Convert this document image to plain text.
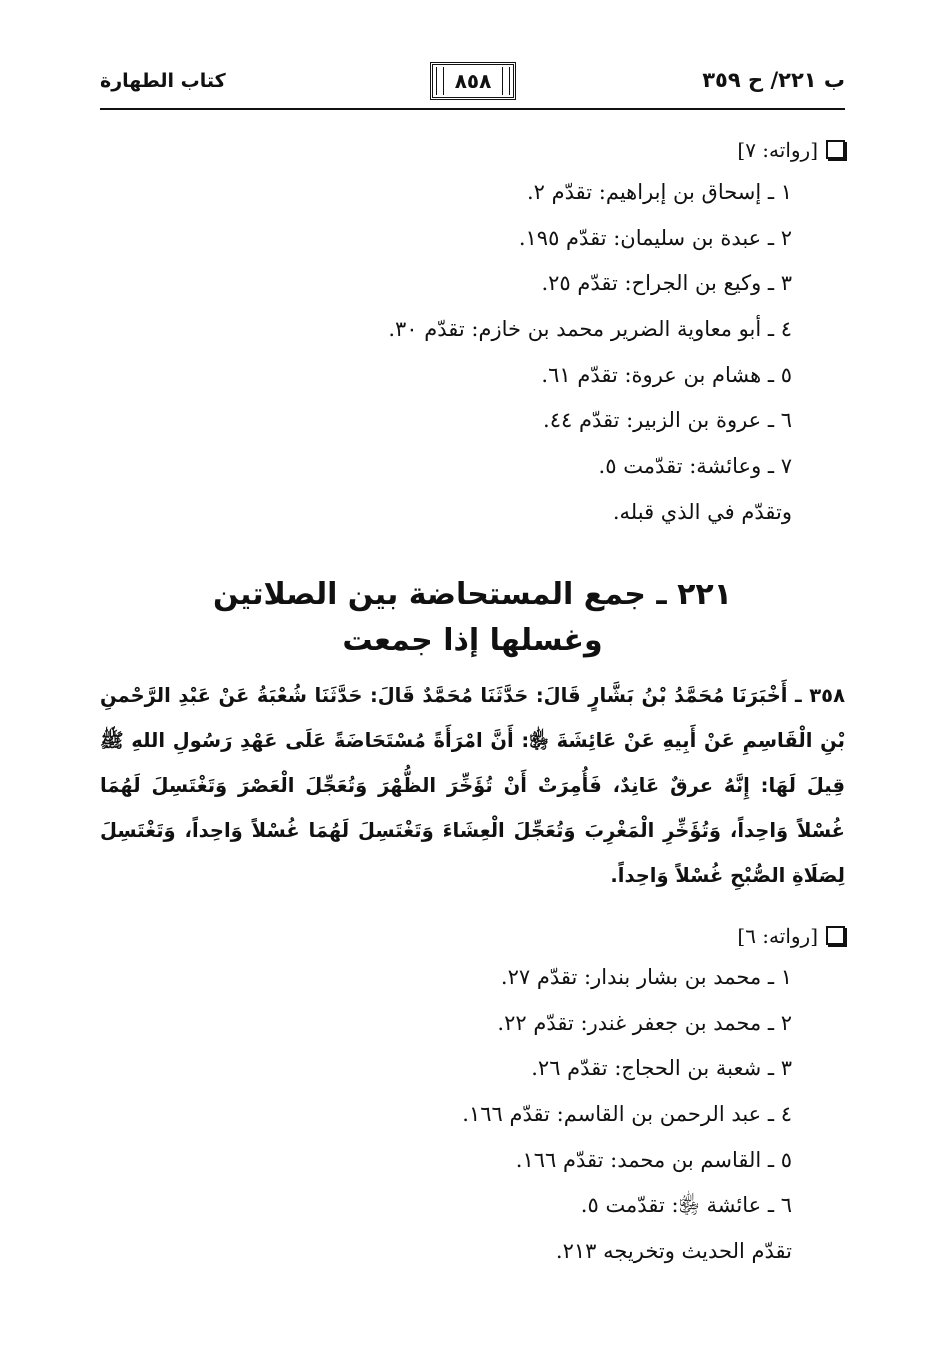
كتاب الطهارة	٨٥٨	ب ٢٢١/ ح ٣٥٩
[رواته: ٧]
١ ـ إسحاق بن إبراهيم: تقدّم ٢.
٢ ـ عبدة بن سليمان: تقدّم ١٩٥.
٣ ـ وكيع بن الجراح: تقدّم ٢٥.
٤ ـ أبو معاوية الضرير محمد بن خازم: تقدّم ٣٠.
٥ ـ هشام بن عروة: تقدّم ٦١.
٦ ـ عروة بن الزبير: تقدّم ٤٤.
٧ ـ وعائشة: تقدّمت ٥.
وتقدّم في الذي قبله.
٢٢١ ـ جمع المستحاضة بين الصلاتين
وغسلها إذا جمعت

٣٥٨ ـ أَخْبَرَنَا مُحَمَّدُ بْنُ بَشَّارٍ قَالَ: حَدَّثَنَا مُحَمَّدٌ قَالَ: حَدَّثَنَا شُعْبَةُ عَنْ عَبْدِ الرَّحْمنِ بْنِ الْقَاسِمِ عَنْ أَبِيهِ عَنْ عَائِشَةَ ﵂: أَنَّ امْرَأَةً مُسْتَحَاضَةً عَلَى عَهْدِ رَسُولِ اللهِ ﷺ قِيلَ لَهَا: إِنَّهُ عرقٌ عَانِدٌ، فَأُمِرَتْ أَنْ تُؤَخِّرَ الظُّهْرَ وَتُعَجِّلَ الْعَصْرَ وَتَغْتَسِلَ لَهُمَا غُسْلاً وَاحِداً، وَتُؤَخِّرِ الْمَغْرِبَ وَتُعَجِّلَ الْعِشَاءَ وَتَغْتَسِلَ لَهُمَا غُسْلاً وَاحِداً، وَتَغْتَسِلَ لِصَلَاةِ الصُّبْحِ غُسْلاً وَاحِداً.

[رواته: ٦]
١ ـ محمد بن بشار بندار: تقدّم ٢٧.
٢ ـ محمد بن جعفر غندر: تقدّم ٢٢.
٣ ـ شعبة بن الحجاج: تقدّم ٢٦.
٤ ـ عبد الرحمن بن القاسم: تقدّم ١٦٦.
٥ ـ القاسم بن محمد: تقدّم ١٦٦.
٦ ـ عائشة ﵂: تقدّمت ٥.
تقدّم الحديث وتخريجه ٢١٣.
